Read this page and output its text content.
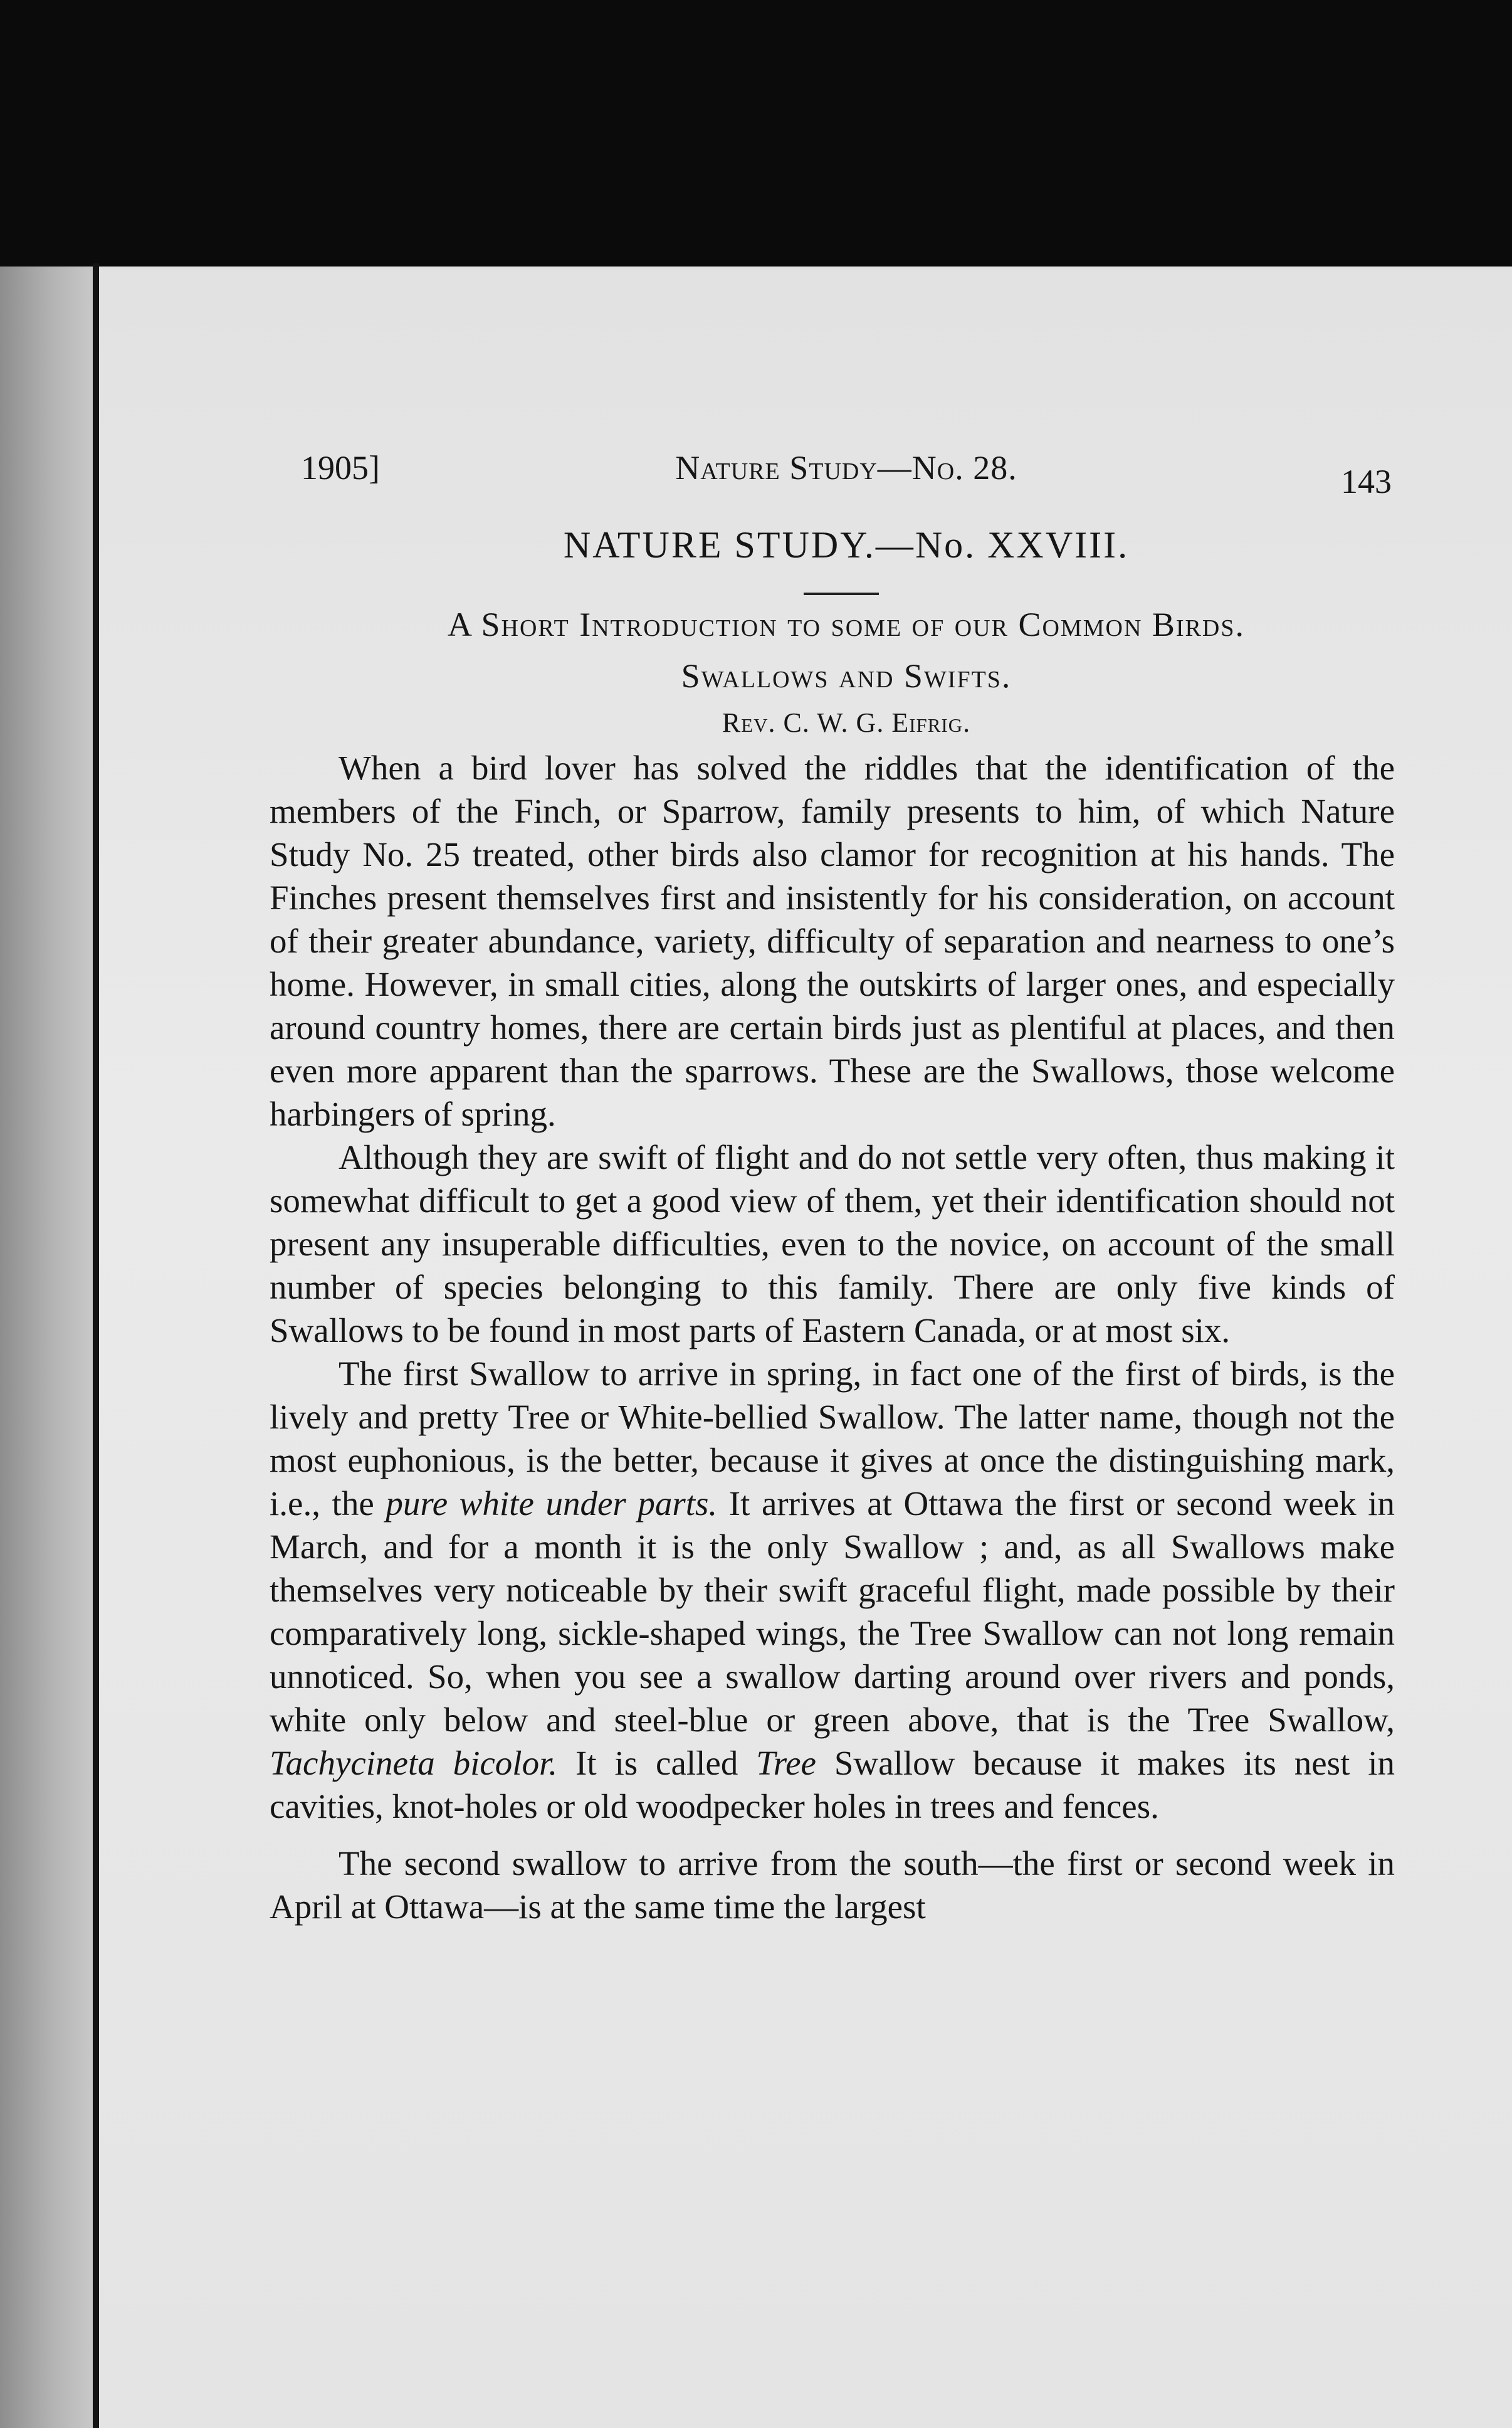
1905]	Nature Study—No. 28.	143
NATURE STUDY.—No. XXVIII.
A Short Introduction to some of our Common Birds.
Swallows and Swifts.
Rev. C. W. G. Eifrig.

When a bird lover has solved the riddles that the identification of the members of the Finch, or Sparrow, family presents to him, of which Nature Study No. 25 treated, other birds also clamor for recognition at his hands. The Finches present themselves first and insistently for his consideration, on account of their greater abundance, variety, difficulty of separation and nearness to one’s home. However, in small cities, along the outskirts of larger ones, and especially around country homes, there are certain birds just as plentiful at places, and then even more apparent than the sparrows. These are the Swallows, those welcome harbingers of spring.

Although they are swift of flight and do not settle very often, thus making it somewhat difficult to get a good view of them, yet their identification should not present any insuperable difficulties, even to the novice, on account of the small number of species belonging to this family. There are only five kinds of Swallows to be found in most parts of Eastern Canada, or at most six.

The first Swallow to arrive in spring, in fact one of the first of birds, is the lively and pretty Tree or White-bellied Swallow. The latter name, though not the most euphonious, is the better, because it gives at once the distinguishing mark, i.e., the pure white under parts. It arrives at Ottawa the first or second week in March, and for a month it is the only Swallow ; and, as all Swallows make themselves very noticeable by their swift graceful flight, made possible by their comparatively long, sickle-shaped wings, the Tree Swallow can not long remain unnoticed. So, when you see a swallow darting around over rivers and ponds, white only below and steel-blue or green above, that is the Tree Swallow, Tachycineta bicolor. It is called Tree Swallow because it makes its nest in cavities, knot-holes or old woodpecker holes in trees and fences.

The second swallow to arrive from the south—the first or second week in April at Ottawa—is at the same time the largest
